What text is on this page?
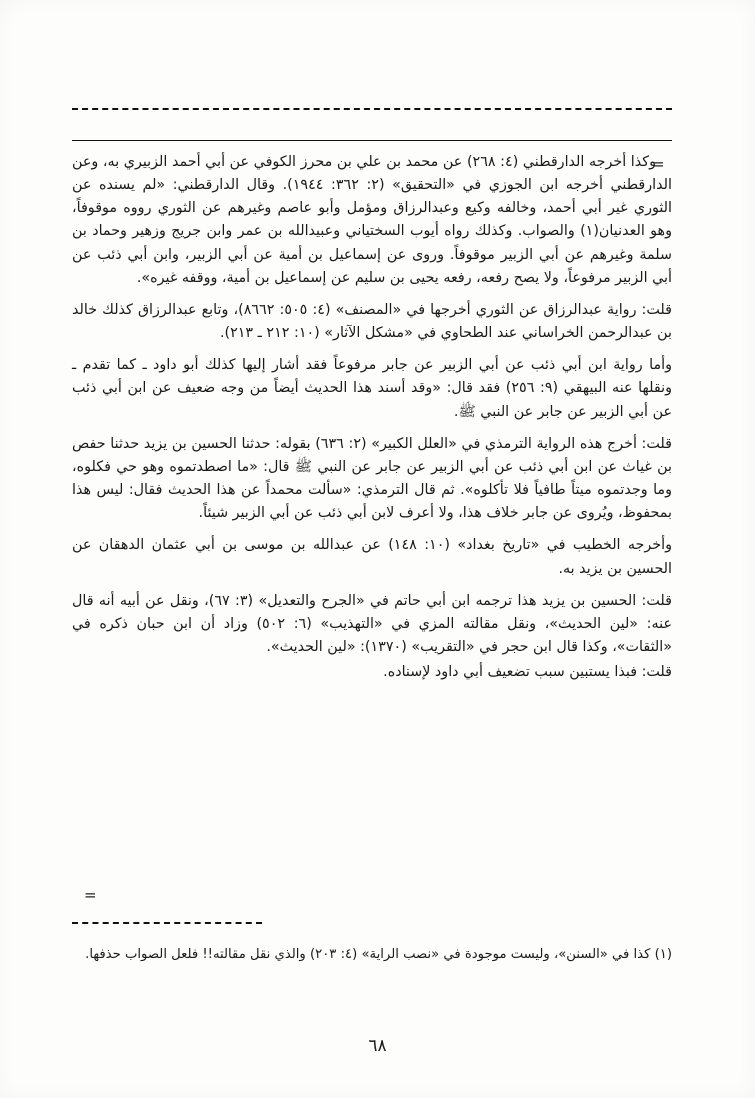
=

وكذا أخرجه الدارقطني (٤: ٢٦٨) عن محمد بن علي بن محرز الكوفي عن أبي أحمد الزبيري به، وعن الدارقطني أخرجه ابن الجوزي في «التحقيق» (٢: ٣٦٢: ١٩٤٤). وقال الدارقطني: «لم يسنده عن الثوري غير أبي أحمد، وخالفه وكيع وعبدالرزاق ومؤمل وأبو عاصم وغيرهم عن الثوري رووه موقوفاً، وهو العدنيان(١) والصواب. وكذلك رواه أيوب السختياني وعبيدالله بن عمر وابن جريج وزهير وحماد بن سلمة وغيرهم عن أبي الزبير موقوفاً. وروى عن إسماعيل بن أمية عن أبي الزبير، وابن أبي ذئب عن أبي الزبير مرفوعاً، ولا يصح رفعه، رفعه يحيى بن سليم عن إسماعيل بن أمية، ووقفه غيره».

قلت: رواية عبدالرزاق عن الثوري أخرجها في «المصنف» (٤: ٥٠٥: ٨٦٦٢)، وتابع عبدالرزاق كذلك خالد بن عبدالرحمن الخراساني عند الطحاوي في «مشكل الآثار» (١٠: ٢١٢ ـ ٢١٣).

وأما رواية ابن أبي ذئب عن أبي الزبير عن جابر مرفوعاً فقد أشار إليها كذلك أبو داود ـ كما تقدم ـ ونقلها عنه البيهقي (٩: ٢٥٦) فقد قال: «وقد أسند هذا الحديث أيضاً من وجه ضعيف عن ابن أبي ذئب عن أبي الزبير عن جابر عن النبي ﷺ.

قلت: أخرج هذه الرواية الترمذي في «العلل الكبير» (٢: ٦٣٦) بقوله: حدثنا الحسين بن يزيد حدثنا حفص بن غياث عن ابن أبي ذئب عن أبي الزبير عن جابر عن النبي ﷺ قال: «ما اصطدتموه وهو حي فكلوه، وما وجدتموه ميتاً طافياً فلا تأكلوه». ثم قال الترمذي: «سألت محمداً عن هذا الحديث فقال: ليس هذا بمحفوظ، ويُروى عن جابر خلاف هذا، ولا أعرف لابن أبي ذئب عن أبي الزبير شيئاً.

وأخرجه الخطيب في «تاريخ بغداد» (١٠: ١٤٨) عن عبدالله بن موسى بن أبي عثمان الدهقان عن الحسين بن يزيد به.

قلت: الحسين بن يزيد هذا ترجمه ابن أبي حاتم في «الجرح والتعديل» (٣: ٦٧)، ونقل عن أبيه أنه قال عنه: «لين الحديث»، ونقل مقالته المزي في «التهذيب» (٦: ٥٠٢) وزاد أن ابن حبان ذكره في «الثقات»، وكذا قال ابن حجر في «التقريب» (١٣٧٠): «لين الحديث».

قلت: فبذا يستبين سبب تضعيف أبي داود لإسناده.

=
(١) كذا في «السنن»، وليست موجودة في «نصب الراية» (٤: ٢٠٣) والذي نقل مقالته!! فلعل الصواب حذفها.
٦٨
